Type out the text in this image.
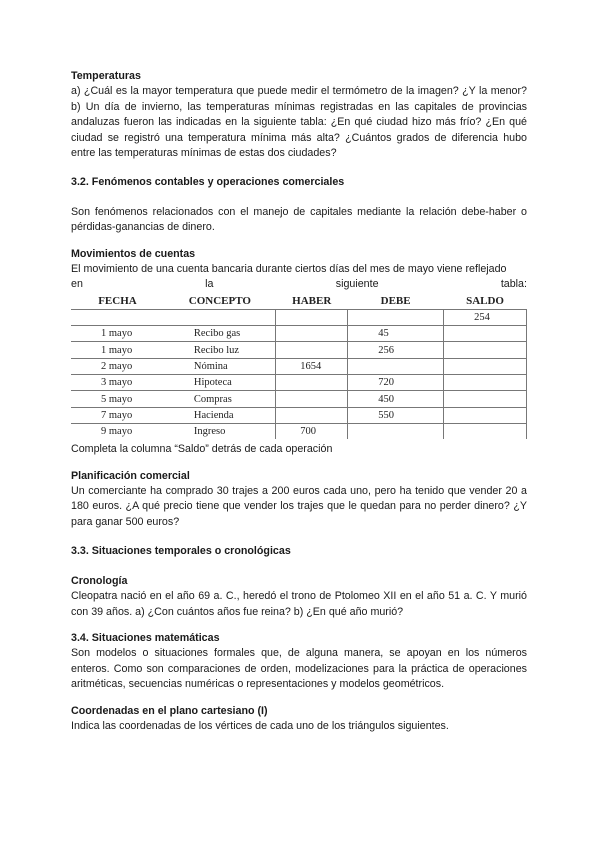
Temperaturas

a) ¿Cuál es la mayor temperatura que puede medir el termómetro de la imagen? ¿Y la menor? b) Un día de invierno, las temperaturas mínimas registradas en las capitales de provincias andaluzas fueron las indicadas en la siguiente tabla: ¿En qué ciudad hizo más frío? ¿En qué ciudad se registró una temperatura mínima más alta? ¿Cuántos grados de diferencia hubo entre las temperaturas mínimas de estas dos ciudades?

3.2. Fenómenos contables y operaciones comerciales

Son fenómenos relacionados con el manejo de capitales mediante la relación debe-haber o pérdidas-ganancias de dinero.

Movimientos de cuentas

El movimiento de una cuenta bancaria durante ciertos días del mes de mayo viene reflejado

en	la	siguiente	tabla:
FECHA	CONCEPTO	HABER	DEBE	SALDO
				254
1 mayo	Recibo gas		45	
1 mayo	Recibo luz		256	
2 mayo	Nómina	1654		
3 mayo	Hipoteca		720	
5 mayo	Compras		450	
7 mayo	Hacienda		550	
9 mayo	Ingreso	700		

Completa la columna “Saldo” detrás de cada operación

Planificación comercial

Un comerciante ha comprado 30 trajes a 200 euros cada uno, pero ha tenido que vender 20 a 180 euros. ¿A qué precio tiene que vender los trajes que le quedan para no perder dinero? ¿Y para ganar 500 euros?

3.3. Situaciones temporales o cronológicas

Cronología

Cleopatra nació en el año 69 a. C., heredó el trono de Ptolomeo XII en el año 51 a. C. Y murió con 39 años. a) ¿Con cuántos años fue reina? b) ¿En qué año murió?

3.4. Situaciones matemáticas

Son modelos o situaciones formales que, de alguna manera, se apoyan en los números enteros. Como son comparaciones de orden, modelizaciones para la práctica de operaciones aritméticas, secuencias numéricas o representaciones y modelos geométricos.

Coordenadas en el plano cartesiano (I)

Indica las coordenadas de los vértices de cada uno de los triángulos siguientes.
